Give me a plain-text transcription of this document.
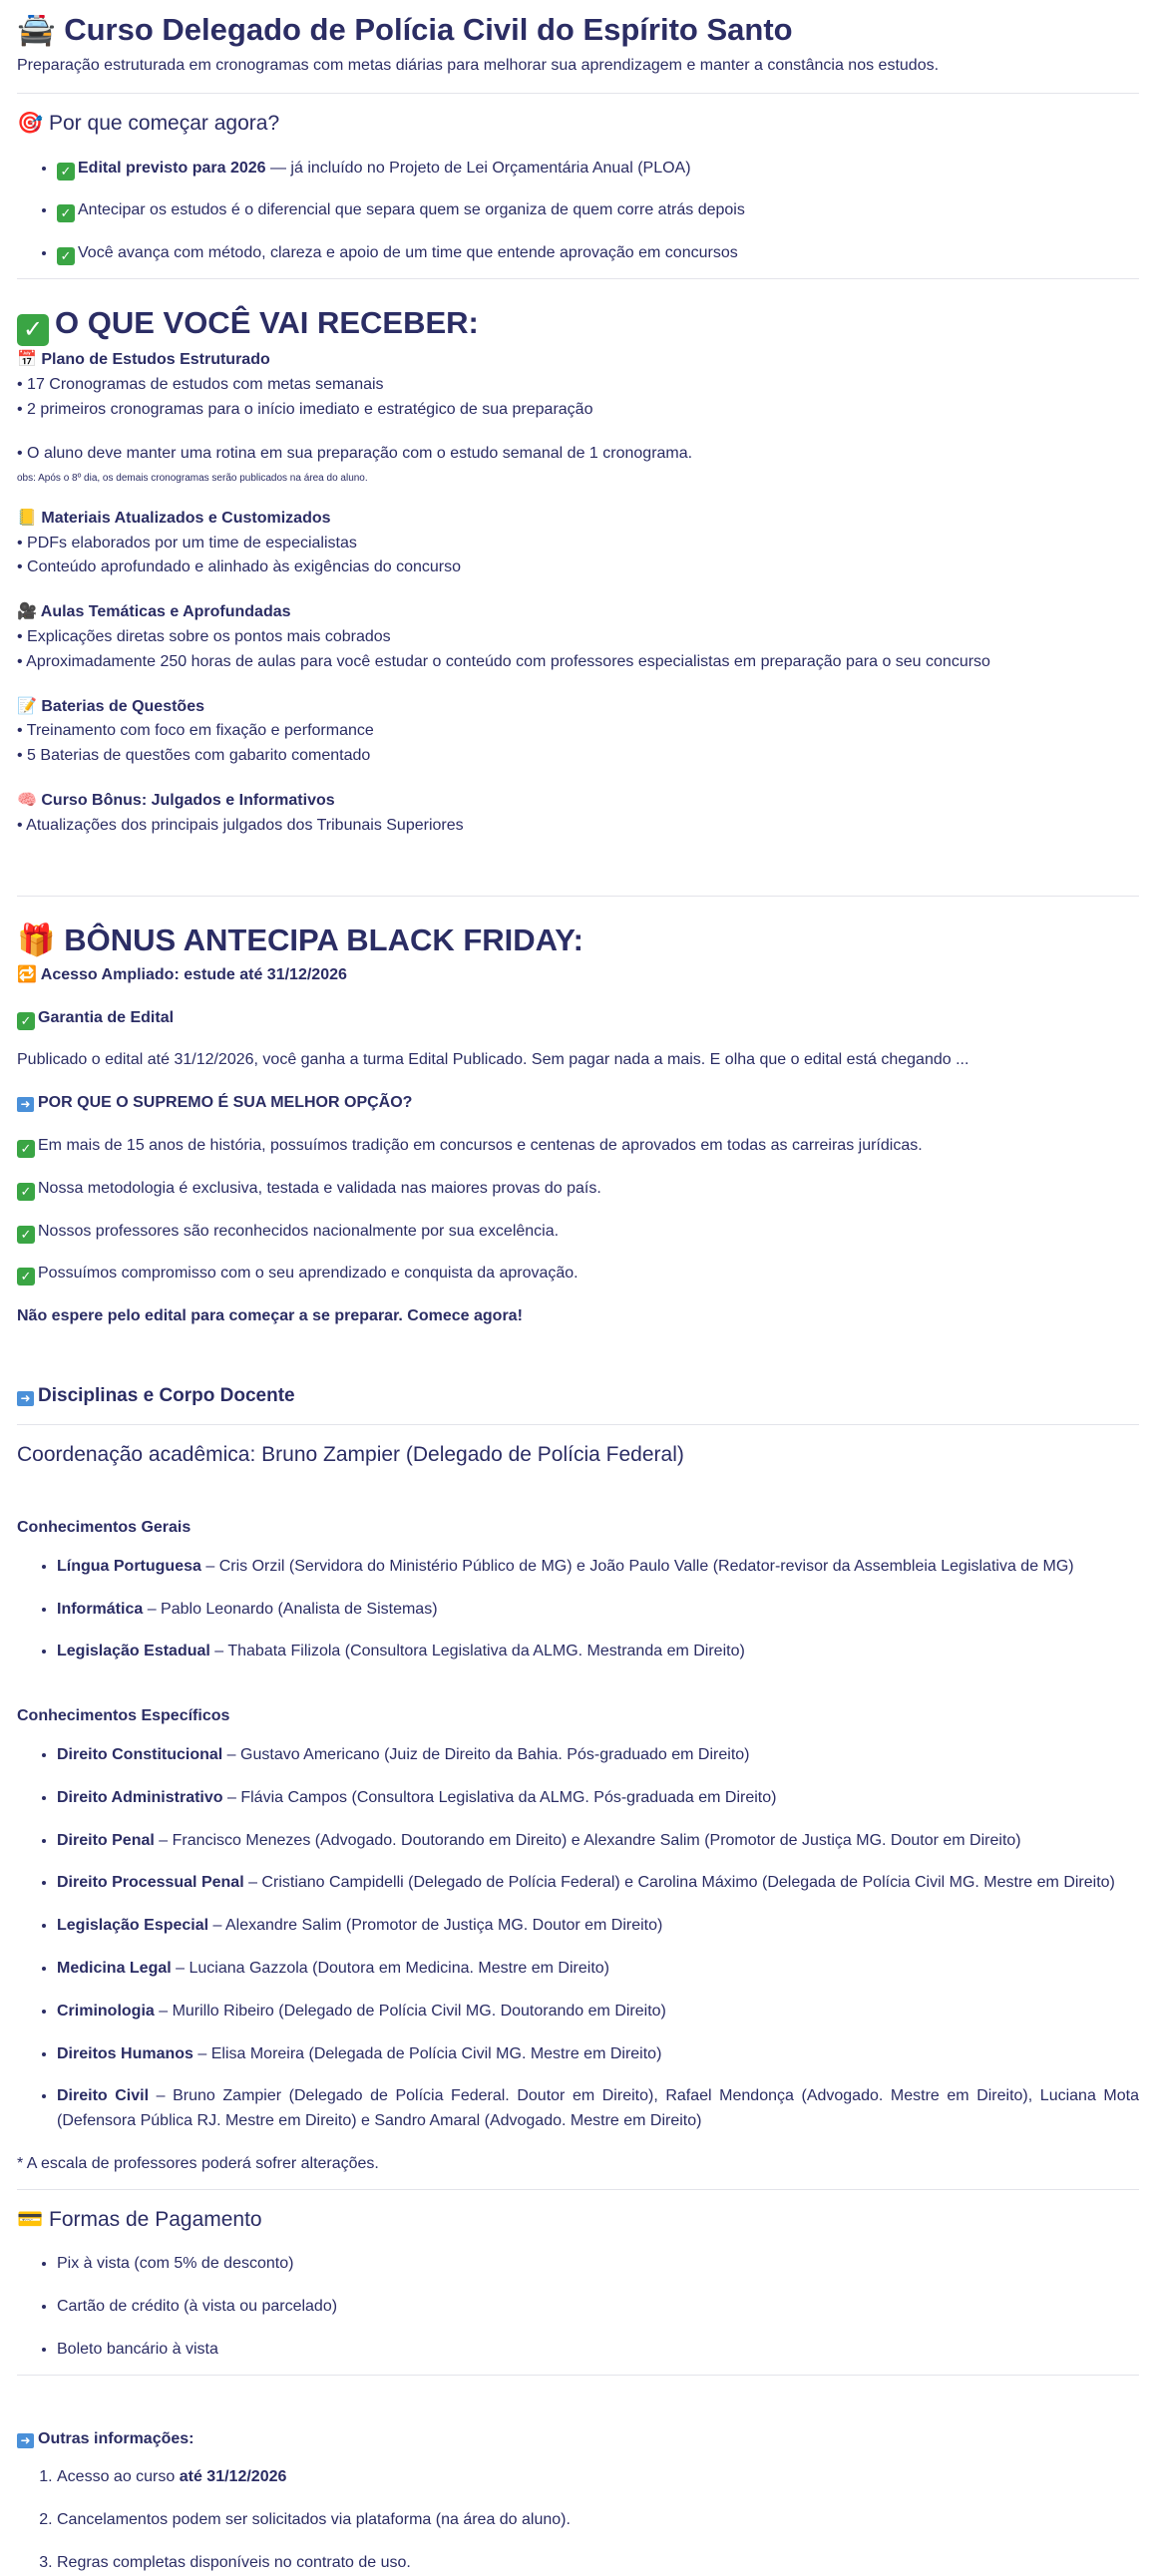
🚔 Curso Delegado de Polícia Civil do Espírito Santo

Preparação estruturada em cronogramas com metas diárias para melhorar sua aprendizagem e manter a constância nos estudos.

🎯 Por que começar agora?
• ✓ Edital previsto para 2026 — já incluído no Projeto de Lei Orçamentária Anual (PLOA)
• ✓ Antecipar os estudos é o diferencial que separa quem se organiza de quem corre atrás depois
• ✓ Você avança com método, clareza e apoio de um time que entende aprovação em concursos
✓ O QUE VOCÊ VAI RECEBER:

📅 Plano de Estudos Estruturado

• 17 Cronogramas de estudos com metas semanais

• 2 primeiros cronogramas para o início imediato e estratégico de sua preparação

• O aluno deve manter uma rotina em sua preparação com o estudo semanal de 1 cronograma.

obs: Após o 8º dia, os demais cronogramas serão publicados na área do aluno.

📒 Materiais Atualizados e Customizados

• PDFs elaborados por um time de especialistas

• Conteúdo aprofundado e alinhado às exigências do concurso

🎥 Aulas Temáticas e Aprofundadas

• Explicações diretas sobre os pontos mais cobrados

• Aproximadamente 250 horas de aulas para você estudar o conteúdo com professores especialistas em preparação para o seu concurso

📝 Baterias de Questões

• Treinamento com foco em fixação e performance

• 5 Baterias de questões com gabarito comentado

🧠 Curso Bônus: Julgados e Informativos

• Atualizações dos principais julgados dos Tribunais Superiores

🎁 BÔNUS ANTECIPA BLACK FRIDAY:

🔁 Acesso Ampliado: estude até 31/12/2026

✓ Garantia de Edital

Publicado o edital até 31/12/2026, você ganha a turma Edital Publicado. Sem pagar nada a mais. E olha que o edital está chegando ...

➜ POR QUE O SUPREMO É SUA MELHOR OPÇÃO?

✓ Em mais de 15 anos de história, possuímos tradição em concursos e centenas de aprovados em todas as carreiras jurídicas.

✓ Nossa metodologia é exclusiva, testada e validada nas maiores provas do país.

✓ Nossos professores são reconhecidos nacionalmente por sua excelência.

✓ Possuímos compromisso com o seu aprendizado e conquista da aprovação.

Não espere pelo edital para começar a se preparar. Comece agora!

➜ Disciplinas e Corpo Docente
Coordenação acadêmica: Bruno Zampier (Delegado de Polícia Federal)

Conhecimentos Gerais

• Língua Portuguesa – Cris Orzil (Servidora do Ministério Público de MG) e João Paulo Valle (Redator-revisor da Assembleia Legislativa de MG)
• Informática – Pablo Leonardo (Analista de Sistemas)
• Legislação Estadual – Thabata Filizola (Consultora Legislativa da ALMG. Mestranda em Direito)

Conhecimentos Específicos

• Direito Constitucional – Gustavo Americano (Juiz de Direito da Bahia. Pós-graduado em Direito)
• Direito Administrativo – Flávia Campos (Consultora Legislativa da ALMG. Pós-graduada em Direito)
• Direito Penal – Francisco Menezes (Advogado. Doutorando em Direito) e Alexandre Salim (Promotor de Justiça MG. Doutor em Direito)
• Direito Processual Penal – Cristiano Campidelli (Delegado de Polícia Federal) e Carolina Máximo (Delegada de Polícia Civil MG. Mestre em Direito)
• Legislação Especial – Alexandre Salim (Promotor de Justiça MG. Doutor em Direito)
• Medicina Legal – Luciana Gazzola (Doutora em Medicina. Mestre em Direito)
• Criminologia – Murillo Ribeiro (Delegado de Polícia Civil MG. Doutorando em Direito)
• Direitos Humanos – Elisa Moreira (Delegada de Polícia Civil MG. Mestre em Direito)
• Direito Civil – Bruno Zampier (Delegado de Polícia Federal. Doutor em Direito), Rafael Mendonça (Advogado. Mestre em Direito), Luciana Mota (Defensora Pública RJ. Mestre em Direito) e Sandro Amaral (Advogado. Mestre em Direito)

* A escala de professores poderá sofrer alterações.

💳 Formas de Pagamento
• Pix à vista (com 5% de desconto)
• Cartão de crédito (à vista ou parcelado)
• Boleto bancário à vista

➜ Outras informações:

1. Acesso ao curso até 31/12/2026
2. Cancelamentos podem ser solicitados via plataforma (na área do aluno).
3. Regras completas disponíveis no contrato de uso.
